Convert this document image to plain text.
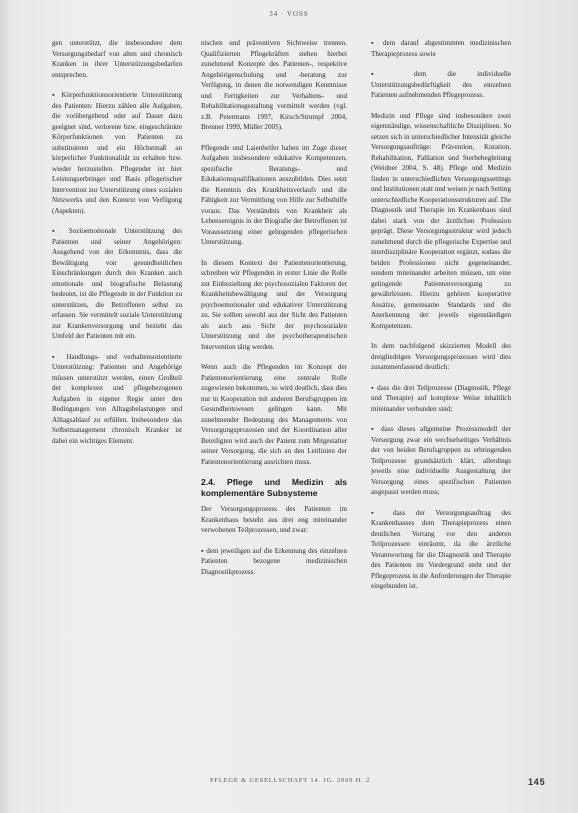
34 · VOSS

gen unterstützt, die insbesondere dem Versorgungsbedarf von alten und chronisch Kranken in ihrer Unterstützungsbedarfen entsprechen.

▪ Körperfunktionsorientierte Unterstützung des Patienten: Hierzu zählen alle Aufgaben, die vorübergehend oder auf Dauer dazu geeignet sind, verlorene bzw. eingeschränkte Körperfunktionen von Patienten zu substituieren und ein Höchstmaß an körperlicher Funktionalität zu erhalten bzw. wieder herzustellen. Pflegender ist hier Leistungserbringer und Basis pflegerischer Intervention zur Unterstützung eines sozialen Netzwerks und den Kontext von Verfügung (Aspekten).

▪ Sozioemotionale Unterstützung des Patienten und seiner Angehörigen: Ausgehend von der Erkenntnis, dass die Bewältigung von gesundheitlichen Einschränkungen durch den Kranken auch emotionale und biografische Belastung bedeutet, ist die Pflegende in der Funktion zu unterstützen, die Betroffenen selbst zu erfassen. Sie vermittelt soziale Unterstützung zur Krankenversorgung und bezieht das Umfeld der Patienten mit ein.

▪ Handlungs- und verhaltensorientierte Unterstützung: Patienten und Angehörige müssen unterstützt werden, einen Großteil der komplexen und pflegebezogenen Aufgaben in eigener Regie unter den Bedingungen von Alltagsbelastungen und Alltagsablauf zu erfüllen. Insbesondere das Selbstmanagement chronisch Kranker ist dabei ein wichtiges Element.

nischen und präventiven Sichtweise trennen. Qualifizierten Pflegekräften stehen hierbei zunehmend Konzepte des Patienten-, respektive Angehörigenschulung und -beratung zur Verfügung, in denen die notwendigen Kenntnisse und Fertigkeiten zur Verhaltens- und Rehabilitationsgestaltung vermittelt werden (vgl. z.B. Petermann 1997, Kirsch/Strumpf 2004, Brenner 1999, Müller 2005).

Pflegende und Laienhelfer haben im Zuge dieser Aufgaben insbesondere edukative Kompetenzen, spezifische Beratungs- und Edukationsqualifikationen auszubilden. Dies setzt die Kenntnis des Krankheitsverlaufs und die Fähigkeit zur Vermittlung von Hilfe zur Selbsthilfe voraus. Das Verständnis von Krankheit als Lebensereignis in der Biografie der Betroffenen ist Voraussetzung einer gelingenden pflegerischen Unterstützung.

In diesem Kontext der Patientenorientierung, schreiben wir Pflegenden in erster Linie die Rolle zur Einbeziehung der psychosozialen Faktoren der Krankheitsbewältigung und der Versorgung psychoemotionaler und edukativer Unterstützung zu. Sie sollten sowohl aus der Sicht des Patienten als auch aus Sicht der psychosozialen Unterstützung und der psychotherapeutischen Intervention tätig werden.

Wenn auch die Pflegenden im Konzept der Patientenorientierung eine zentrale Rolle zugewiesen bekommen, so wird deutlich, dass dies nur in Kooperation mit anderen Berufsgruppen im Gesundheitswesen gelingen kann. Mit zunehmender Bedeutung des Managements von Versorgungsprozessen und der Koordination aller Beteiligten wird auch der Patient zum Mitgestalter seiner Versorgung, die sich an den Leitlinien der Patientenorientierung ausrichten muss.

2.4. Pflege und Medizin als komplementäre Subsysteme

Der Versorgungsprozess des Patienten im Krankenhaus besteht aus drei eng miteinander verwobenen Teilprozessen, und zwar:

▪ dem jeweiligen auf die Erkennung des einzelnen Patienten bezogene medizinischen Diagnostikprozess.

▪ dem darauf abgestimmten medizinischen Therapieprozess sowie

▪ dem die individuelle Unterstützungsbedürftigkeit des einzelnen Patienten aufnehmenden Pflegeprozess.

Medizin und Pflege sind insbesondere zwei eigenständige, wissenschaftliche Disziplinen. So setzen sich in unterschiedlicher Intensität gleiche Versorgungsaufträge: Prävention, Kuration, Rehabilitation, Palliation und Sterbebegleitung (Weidner 2004, S. 48). Pflege und Medizin finden in unterschiedlichen Versorgungssettings und Institutionen statt und weisen je nach Setting unterschiedliche Kooperationsstrukturen auf. Die Diagnostik und Therapie im Krankenhaus sind dabei stark von der ärztlichen Profession geprägt. Diese Versorgungsstruktur wird jedoch zunehmend durch die pflegerische Expertise und interdisziplinäre Kooperation ergänzt, sodass die beiden Professionen nicht gegeneinander, sondern miteinander arbeiten müssen, um eine gelingende Patientenversorgung zu gewährleisten. Hierzu gehören kooperative Ansätze, gemeinsame Standards und die Anerkennung der jeweils eigenständigen Kompetenzen.

In dem nachfolgend skizzierten Modell des dreigliedrigen Versorgungsprozesses wird dies zusammenfassend deutlich:

▪ dass die drei Teilprozesse (Diagnostik, Pflege und Therapie) auf komplexe Weise inhaltlich miteinander verbunden sind;

▪ dass dieses allgemeine Prozessmodell der Versorgung zwar ein wechselseitiges Verhältnis der von beiden Berufsgruppen zu erbringenden Teilprozesse grundsätzlich klärt, allerdings jeweils eine individuelle Ausgestaltung der Versorgung eines spezifischen Patienten angepasst werden muss;

▪ dass der Versorgungsauftrag des Krankenhauses dem Therapieprozess einen deutlichen Vorrang vor den anderen Teilprozessen einräumt, da die ärztliche Verantwortung für die Diagnostik und Therapie des Patienten im Vordergrund steht und der Pflegeprozess in die Anforderungen der Therapie eingebunden ist.

PFLEGE & GESELLSCHAFT 14. JG. 2009 H. 2	145
